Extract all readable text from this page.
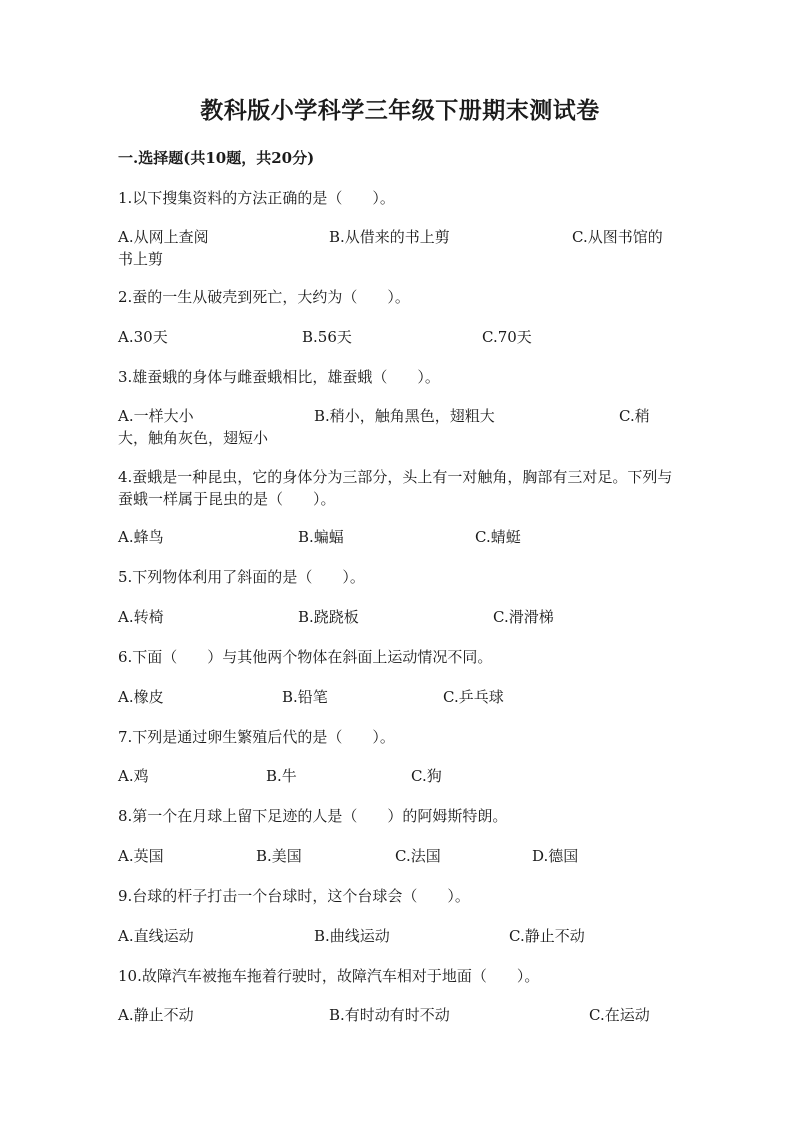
教科版小学科学三年级下册期末测试卷
一.选择题(共10题，共20分)
1.以下搜集资料的方法正确的是（　　）。
A.从网上查阅	B.从借来的书上剪	C.从图书馆的
书上剪
2.蚕的一生从破壳到死亡，大约为（　　）。
A.30天	B.56天	C.70天
3.雄蚕蛾的身体与雌蚕蛾相比，雄蚕蛾（　　）。
A.一样大小	B.稍小，触角黑色，翅粗大	C.稍
大，触角灰色，翅短小
4.蚕蛾是一种昆虫，它的身体分为三部分，头上有一对触角，胸部有三对足。下列与蚕蛾一样属于昆虫的是（　　）。
A.蜂鸟	B.蝙蝠	C.蜻蜓
5.下列物体利用了斜面的是（　　）。
A.转椅	B.跷跷板	C.滑滑梯
6.下面（　　）与其他两个物体在斜面上运动情况不同。
A.橡皮	B.铅笔	C.乒乓球
7.下列是通过卵生繁殖后代的是（　　）。
A.鸡	B.牛	C.狗
8.第一个在月球上留下足迹的人是（　　）的阿姆斯特朗。
A.英国	B.美国	C.法国	D.德国
9.台球的杆子打击一个台球时，这个台球会（　　）。
A.直线运动	B.曲线运动	C.静止不动
10.故障汽车被拖车拖着行驶时，故障汽车相对于地面（　　）。
A.静止不动	B.有时动有时不动	C.在运动
